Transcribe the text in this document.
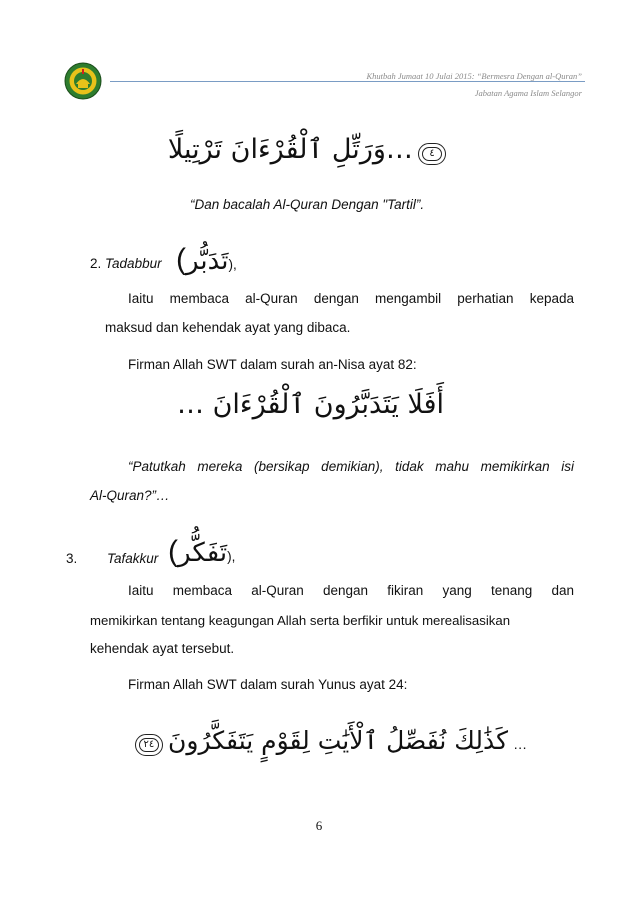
Khutbah Jumaat 10 Julai 2015: “Bermesra Dengan al-Quran”
Jabatan Agama Islam Selangor
٤ …وَرَتِّلِ ٱلْقُرْءَانَ تَرْتِيلًا
“Dan bacalah Al-Quran Dengan "Tartil”.
2. Tadabbur (تَدَبُّر),
Iaitu membaca al-Quran dengan mengambil perhatian kepada
maksud dan kehendak ayat yang dibaca.
Firman Allah SWT dalam surah an-Nisa ayat 82:
أَفَلَا يَتَدَبَّرُونَ ٱلْقُرْءَانَ …
“Patutkah mereka (bersikap demikian), tidak mahu memikirkan isi
Al-Quran?”…
3. Tafakkur (تَفَكُّر),
Iaitu membaca al-Quran dengan fikiran yang tenang dan
memikirkan tentang keagungan Allah serta berfikir untuk merealisasikan
kehendak ayat tersebut.
Firman Allah SWT dalam surah Yunus ayat 24:
… كَذَٰلِكَ نُفَصِّلُ ٱلْأَيَٰتِ لِقَوْمٍ يَتَفَكَّرُونَ ٢٤
6
